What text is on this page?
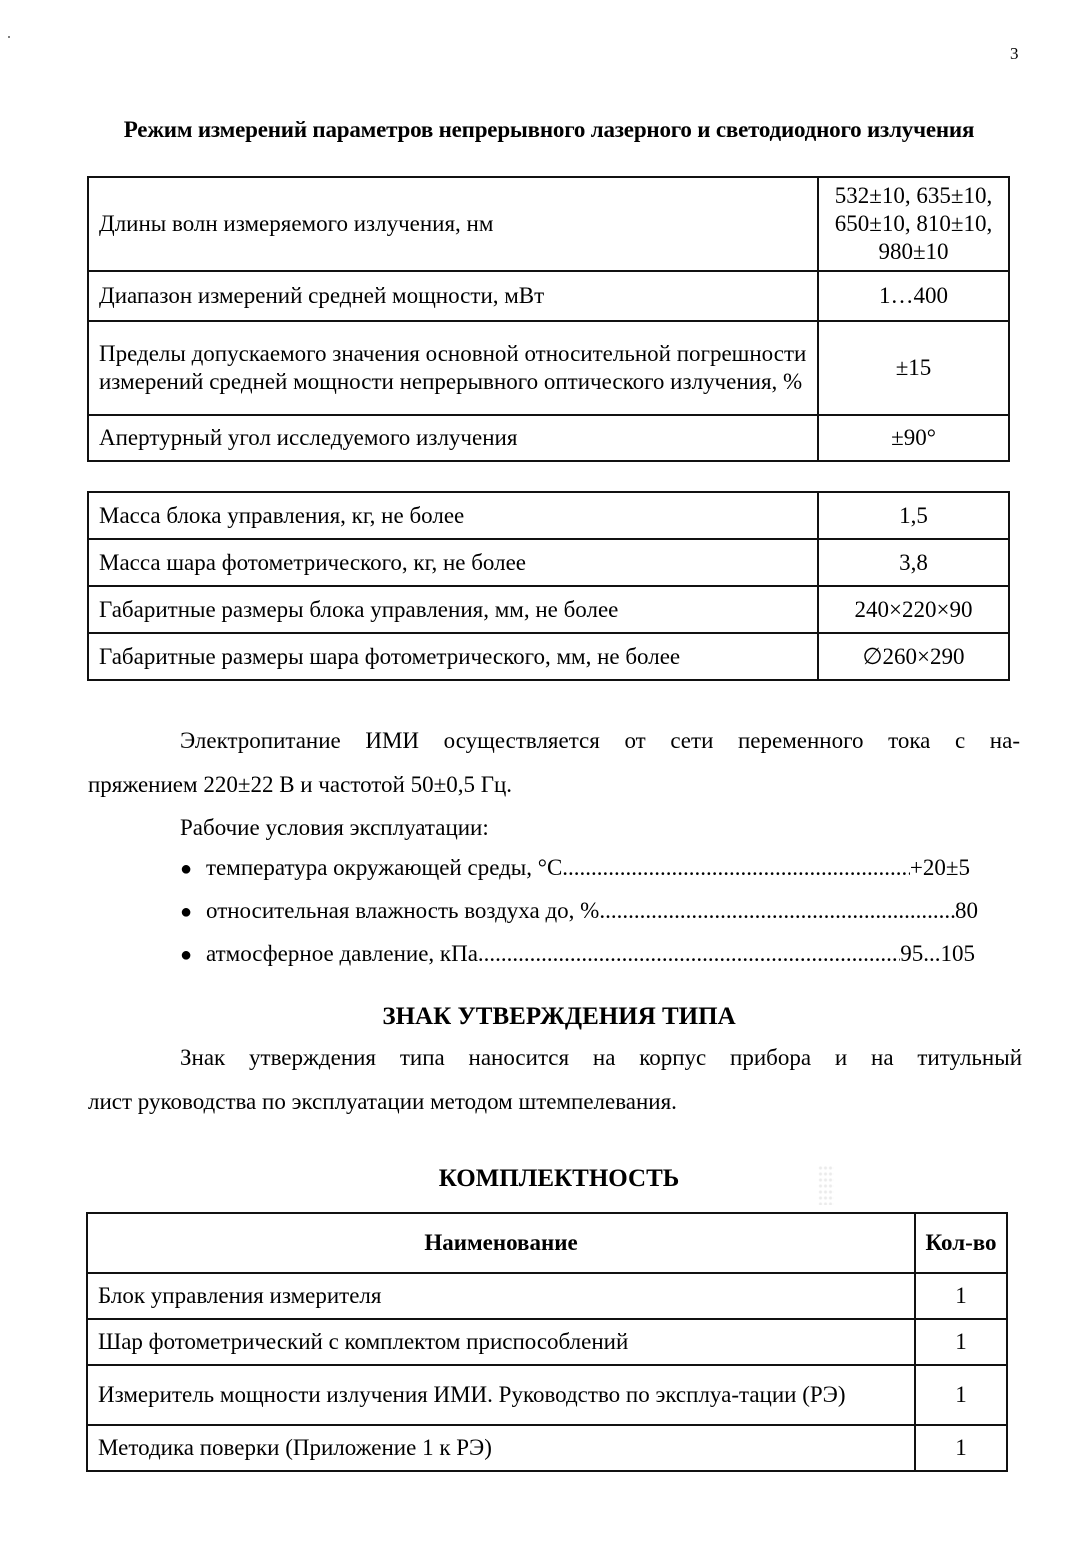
3
Режим измерений параметров непрерывного лазерного и светодиодного излучения
Длины волн измеряемого излучения, нм	532±10, 635±10, 650±10, 810±10, 980±10
Диапазон измерений средней мощности, мВт	1…400
Пределы допускаемого значения основной относительной погрешности измерений средней мощности непрерывного оптического излучения, %	±15
Апертурный угол исследуемого излучения	±90°
Масса блока управления, кг, не более	1,5
Масса шара фотометрического, кг, не более	3,8
Габаритные размеры блока управления, мм, не более	240×220×90
Габаритные размеры шара фотометрического, мм, не более	∅260×290
Электропитание ИМИ осуществляется от сети переменного тока с на-
пряжением 220±22 В и частотой 50±0,5 Гц.
Рабочие условия эксплуатации:
● температура окружающей среды, °С .....	+20±5
● относительная влажность воздуха до, % .....	80
● атмосферное давление, кПа .....	95...105
ЗНАК УТВЕРЖДЕНИЯ ТИПА
Знак утверждения типа наносится на корпус прибора и на титульный
лист руководства по эксплуатации методом штемпелевания.
КОМПЛЕКТНОСТЬ
Наименование	Кол-во
Блок управления измерителя	1
Шар фотометрический с комплектом приспособлений	1
Измеритель мощности излучения ИМИ. Руководство по эксплуа-тации (РЭ)	1
Методика поверки (Приложение 1 к РЭ)	1
